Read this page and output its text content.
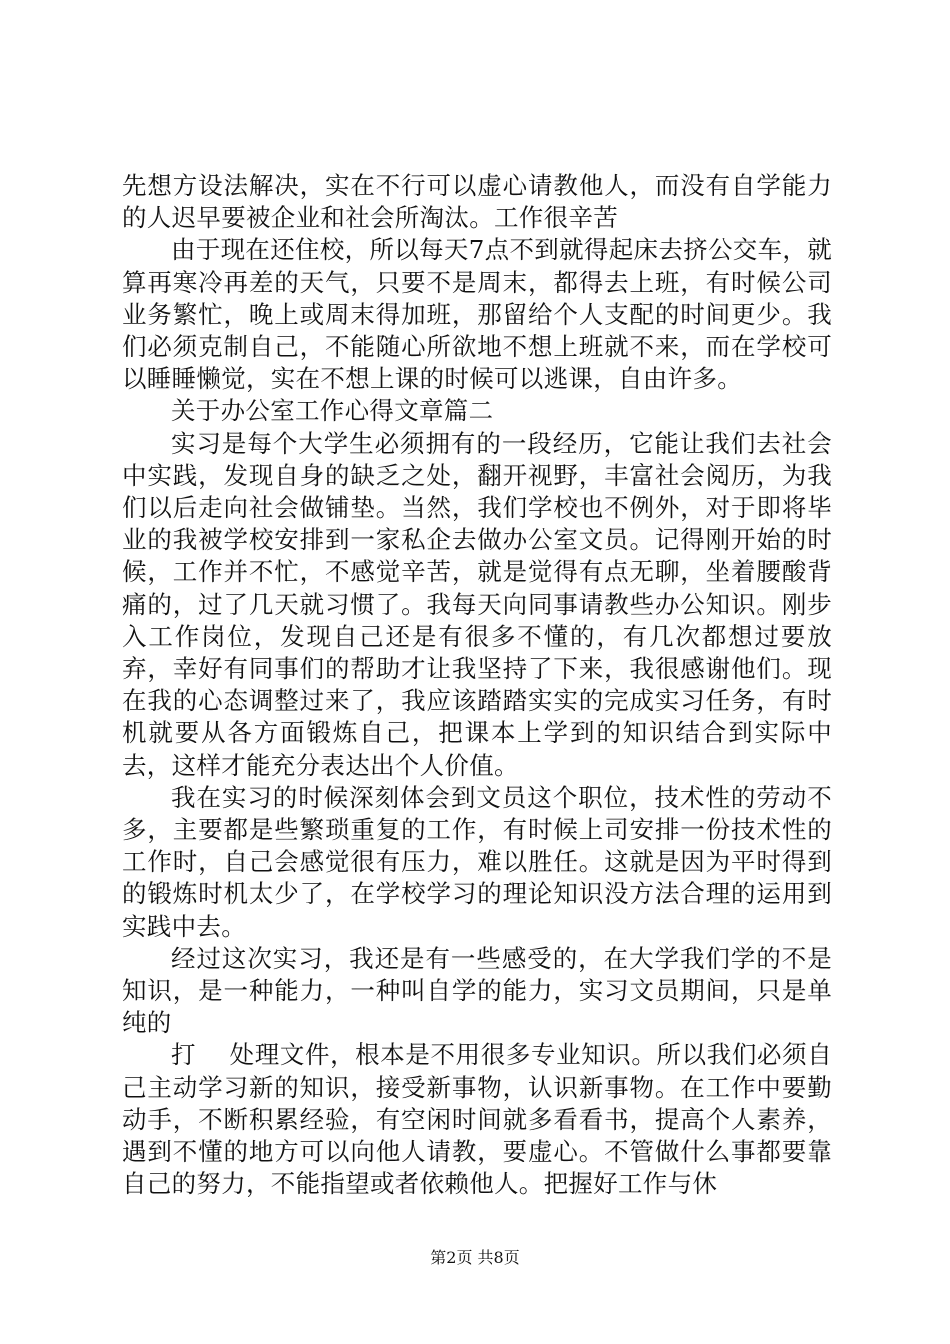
先想方设法解决，实在不行可以虚心请教他人，而没有自学能力的人迟早要被企业和社会所淘汰。工作很辛苦

由于现在还住校，所以每天7点不到就得起床去挤公交车，就算再寒冷再差的天气，只要不是周末，都得去上班，有时候公司业务繁忙，晚上或周末得加班，那留给个人支配的时间更少。我们必须克制自己，不能随心所欲地不想上班就不来，而在学校可以睡睡懒觉，实在不想上课的时候可以逃课，自由许多。

关于办公室工作心得文章篇二

实习是每个大学生必须拥有的一段经历，它能让我们去社会中实践，发现自身的缺乏之处，翻开视野，丰富社会阅历，为我们以后走向社会做铺垫。当然，我们学校也不例外，对于即将毕业的我被学校安排到一家私企去做办公室文员。记得刚开始的时候，工作并不忙，不感觉辛苦，就是觉得有点无聊，坐着腰酸背痛的，过了几天就习惯了。我每天向同事请教些办公知识。刚步入工作岗位，发现自己还是有很多不懂的，有几次都想过要放弃，幸好有同事们的帮助才让我坚持了下来，我很感谢他们。现在我的心态调整过来了，我应该踏踏实实的完成实习任务，有时机就要从各方面锻炼自己，把课本上学到的知识结合到实际中去，这样才能充分表达出个人价值。

我在实习的时候深刻体会到文员这个职位，技术性的劳动不多，主要都是些繁琐重复的工作，有时候上司安排一份技术性的工作时，自己会感觉很有压力，难以胜任。这就是因为平时得到的锻炼时机太少了，在学校学习的理论知识没方法合理的运用到实践中去。

经过这次实习，我还是有一些感受的，在大学我们学的不是知识，是一种能力，一种叫自学的能力，实习文员期间，只是单纯的

打　 处理文件，根本是不用很多专业知识。所以我们必须自己主动学习新的知识，接受新事物，认识新事物。在工作中要勤动手，不断积累经验，有空闲时间就多看看书，提高个人素养，遇到不懂的地方可以向他人请教，要虚心。不管做什么事都要靠自己的努力，不能指望或者依赖他人。把握好工作与休

第2页 共8页
